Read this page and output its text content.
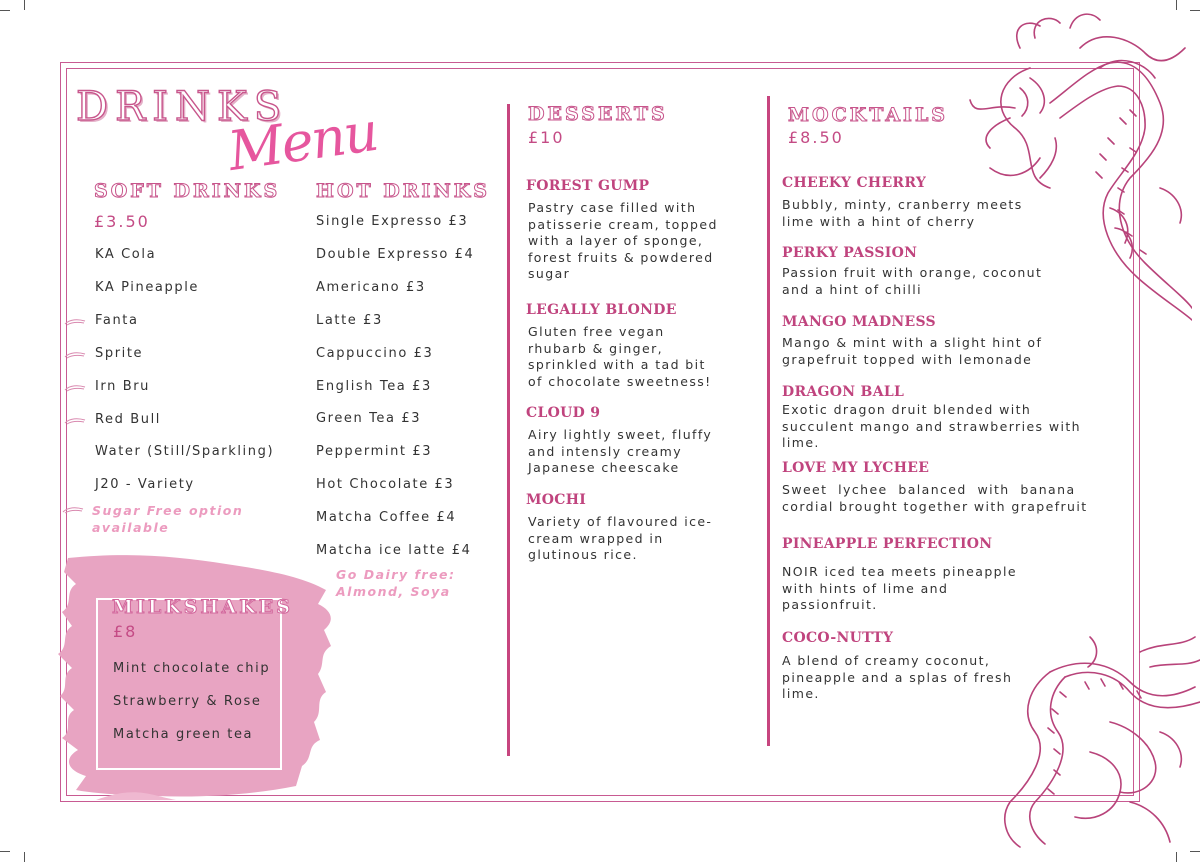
DRINKS
Menu
SOFT DRINKS
£3.50
KA Cola
KA Pineapple
Fanta
Sprite
Irn Bru
Red Bull
Water (Still/Sparkling)
J20 - Variety
Sugar Free option
available
HOT DRINKS
Single Expresso £3
Double Expresso £4
Americano £3
Latte £3
Cappuccino £3
English Tea £3
Green Tea £3
Peppermint £3
Hot Chocolate £3
Matcha Coffee £4
Matcha ice latte £4
Go Dairy free:
Almond, Soya
MILKSHAKES
£8
Mint chocolate chip
Strawberry & Rose
Matcha green tea
DESSERTS
£10
FOREST GUMP
Pastry case filled with
patisserie cream, topped
with a layer of sponge,
forest fruits & powdered
sugar
LEGALLY BLONDE
Gluten free vegan
rhubarb & ginger,
sprinkled with a tad bit
of chocolate sweetness!
CLOUD 9
Airy lightly sweet, fluffy
and intensly creamy
Japanese cheescake
MOCHI
Variety of flavoured ice-
cream wrapped in
glutinous rice.
MOCKTAILS
£8.50
CHEEKY CHERRY
Bubbly, minty, cranberry meets
lime with a hint of cherry
PERKY PASSION
Passion fruit with orange, coconut
and a hint of chilli
MANGO MADNESS
Mango & mint with a slight hint of
grapefruit topped with lemonade
DRAGON BALL
Exotic dragon druit blended with
succulent mango and strawberries with
lime.
LOVE MY LYCHEE
Sweet  lychee  balanced  with  banana
cordial brought together with grapefruit
PINEAPPLE PERFECTION
NOIR iced tea meets pineapple
with hints of lime and
passionfruit.
COCO-NUTTY
A blend of creamy coconut,
pineapple and a splas of fresh
lime.
